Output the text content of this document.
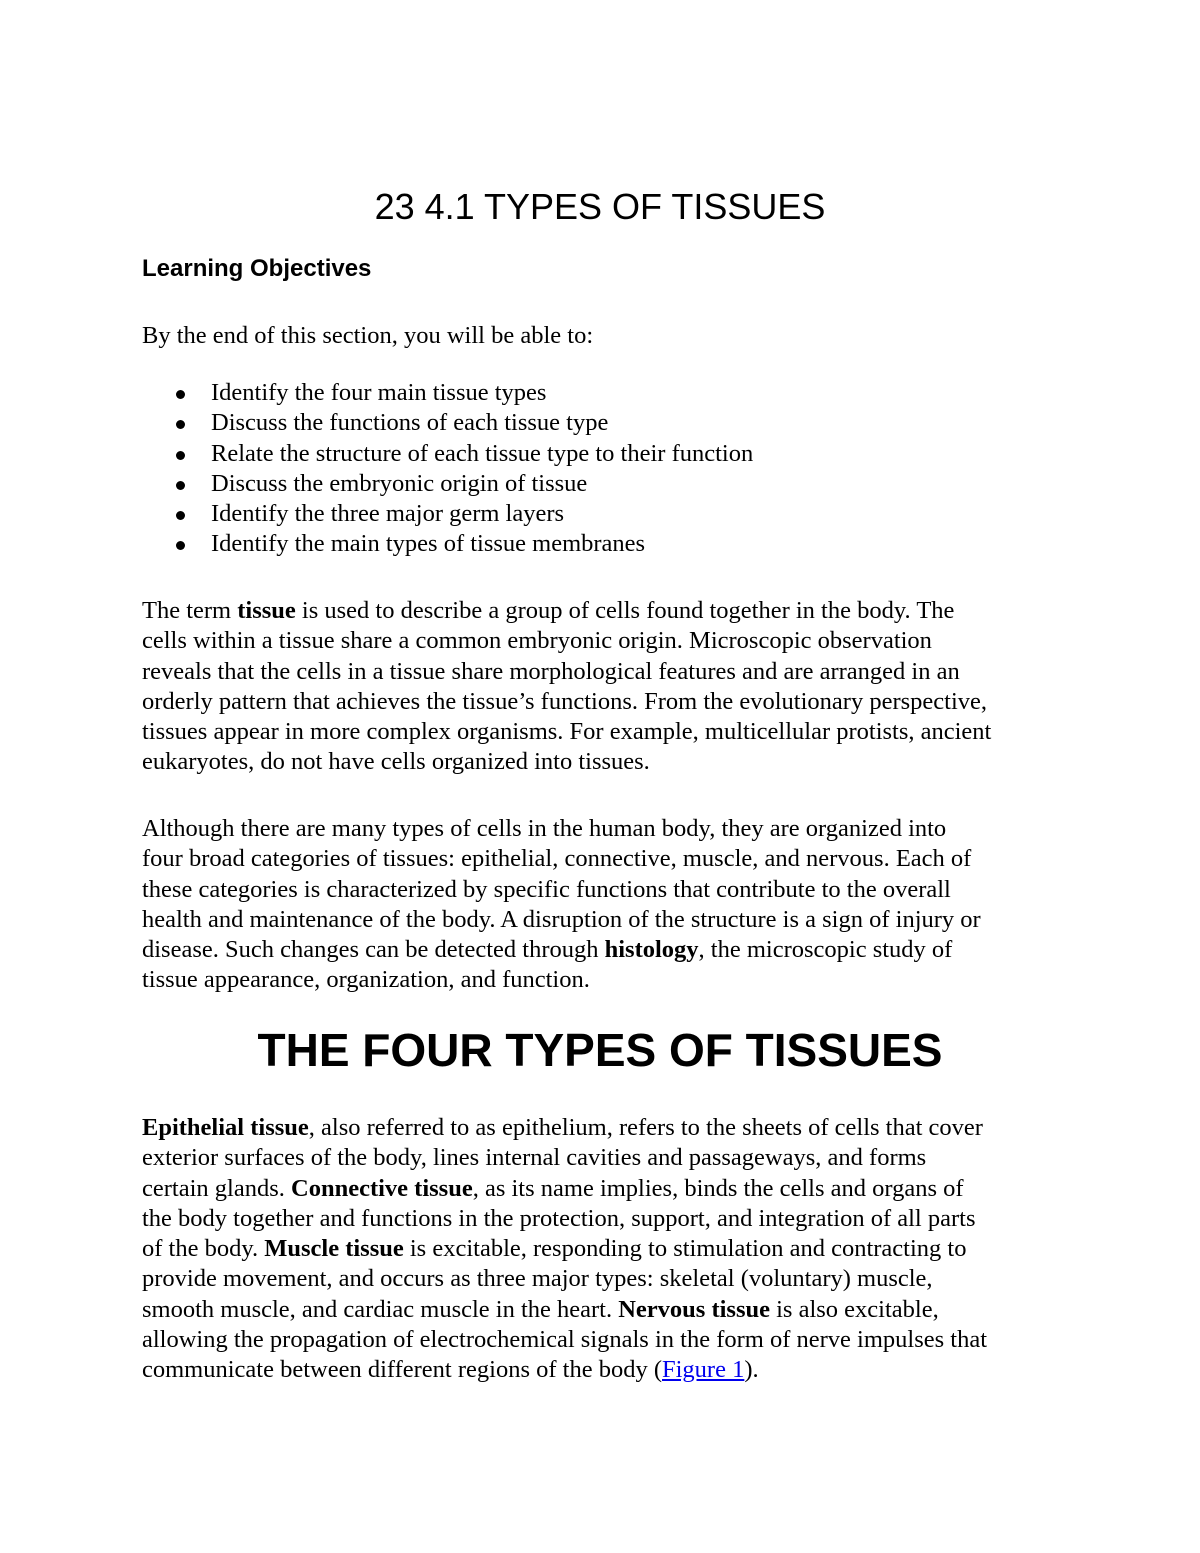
23 4.1 TYPES OF TISSUES
Learning Objectives

By the end of this section, you will be able to:

Identify the four main tissue types
Discuss the functions of each tissue type
Relate the structure of each tissue type to their function
Discuss the embryonic origin of tissue
Identify the three major germ layers
Identify the main types of tissue membranes

The term tissue is used to describe a group of cells found together in the body. The
cells within a tissue share a common embryonic origin. Microscopic observation
reveals that the cells in a tissue share morphological features and are arranged in an
orderly pattern that achieves the tissue’s functions. From the evolutionary perspective,
tissues appear in more complex organisms. For example, multicellular protists, ancient
eukaryotes, do not have cells organized into tissues.

Although there are many types of cells in the human body, they are organized into
four broad categories of tissues: epithelial, connective, muscle, and nervous. Each of
these categories is characterized by specific functions that contribute to the overall
health and maintenance of the body. A disruption of the structure is a sign of injury or
disease. Such changes can be detected through histology, the microscopic study of
tissue appearance, organization, and function.

THE FOUR TYPES OF TISSUES

Epithelial tissue, also referred to as epithelium, refers to the sheets of cells that cover
exterior surfaces of the body, lines internal cavities and passageways, and forms
certain glands. Connective tissue, as its name implies, binds the cells and organs of
the body together and functions in the protection, support, and integration of all parts
of the body. Muscle tissue is excitable, responding to stimulation and contracting to
provide movement, and occurs as three major types: skeletal (voluntary) muscle,
smooth muscle, and cardiac muscle in the heart. Nervous tissue is also excitable,
allowing the propagation of electrochemical signals in the form of nerve impulses that
communicate between different regions of the body (Figure 1).
